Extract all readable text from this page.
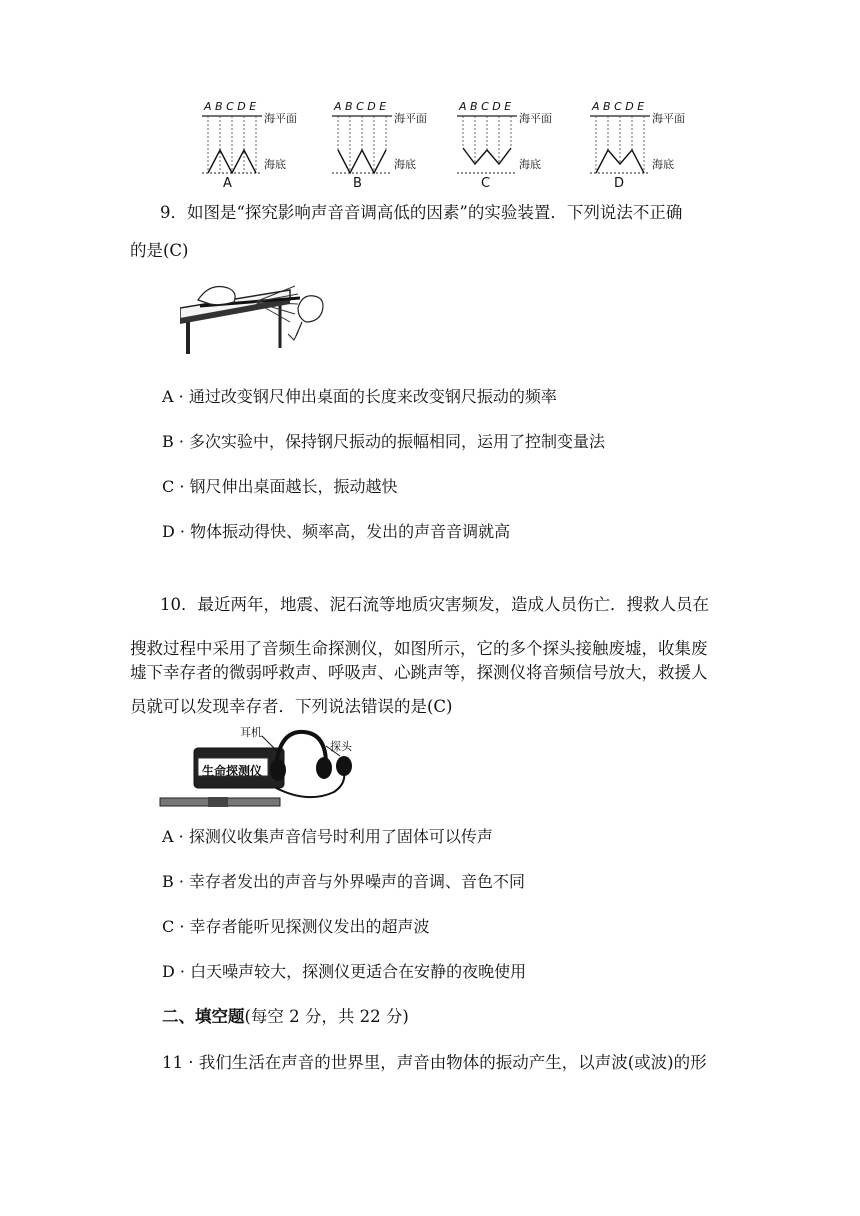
A B C D E
海平面
海底
A
A B C D E
海平面
海底
B
A B C D E
海平面
海底
C
A B C D E
海平面
海底
D
9．如图是“探究影响声音音调高低的因素”的实验装置．下列说法不正确
的是(C)
A · 通过改变钢尺伸出桌面的长度来改变钢尺振动的频率
B · 多次实验中，保持钢尺振动的振幅相同，运用了控制变量法
C · 钢尺伸出桌面越长，振动越快
D · 物体振动得快、频率高，发出的声音音调就高
10．最近两年，地震、泥石流等地质灾害频发，造成人员伤亡．搜救人员在
搜救过程中采用了音频生命探测仪，如图所示，它的多个探头接触废墟，收集废
墟下幸存者的微弱呼救声、呼吸声、心跳声等，探测仪将音频信号放大，救援人
员就可以发现幸存者．下列说法错误的是(C)
耳机
探头
生命探测仪
A · 探测仪收集声音信号时利用了固体可以传声
B · 幸存者发出的声音与外界噪声的音调、音色不同
C · 幸存者能听见探测仪发出的超声波
D · 白天噪声较大，探测仪更适合在安静的夜晚使用
二、填空题(每空 2 分，共 22 分)
11 · 我们生活在声音的世界里，声音由物体的振动产生，以声波(或波)的形
